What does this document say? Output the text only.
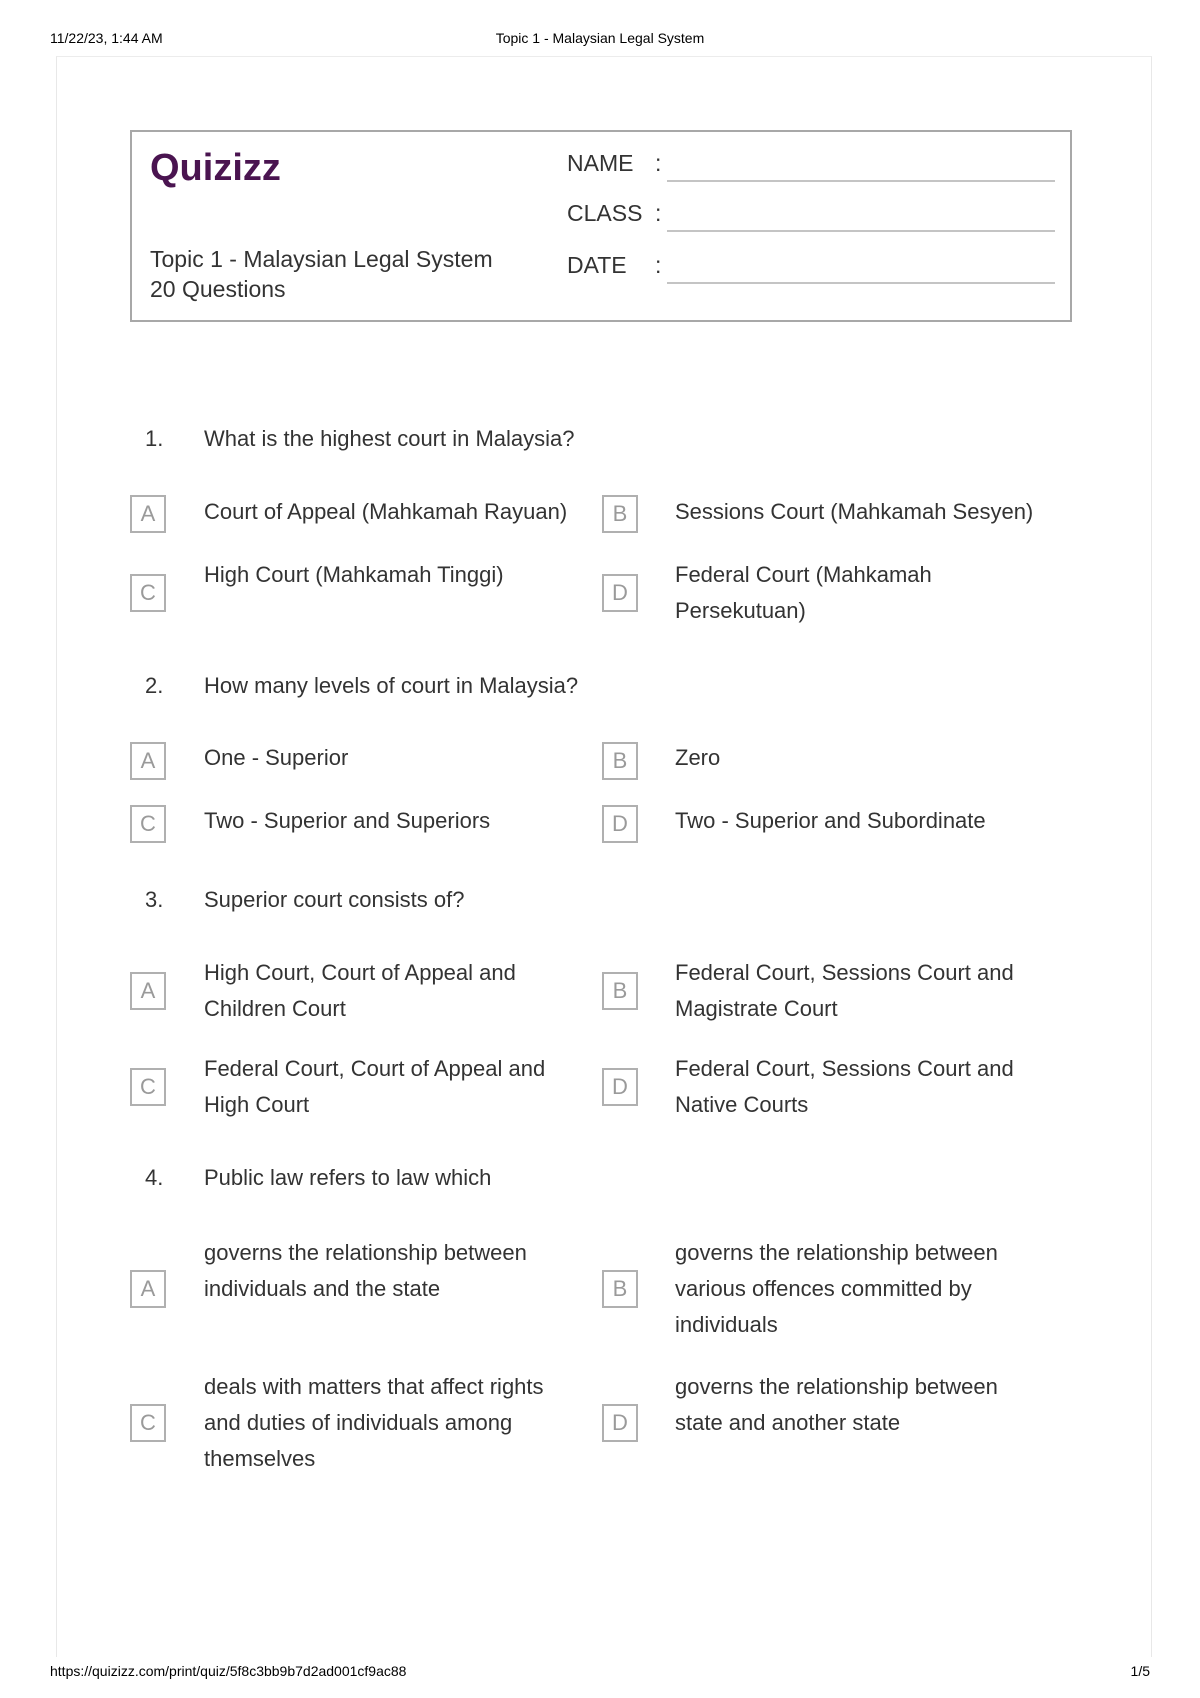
11/22/23, 1:44 AM	Topic 1 - Malaysian Legal System
Quizizz
Topic 1 - Malaysian Legal System
20 Questions
NAME :
CLASS :
DATE :
1. What is the highest court in Malaysia?
A	Court of Appeal (Mahkamah Rayuan)	B	Sessions Court (Mahkamah Sesyen)
C
High Court (Mahkamah Tinggi)
D
Federal Court (Mahkamah Persekutuan)
2. How many levels of court in Malaysia?
A	One - Superior	B	Zero
C	Two - Superior and Superiors	D	Two - Superior and Subordinate
3. Superior court consists of?
A
High Court, Court of Appeal and Children Court
B
Federal Court, Sessions Court and Magistrate Court
C
Federal Court, Court of Appeal and High Court
D
Federal Court, Sessions Court and Native Courts
4. Public law refers to law which
A
governs the relationship between individuals and the state	B
governs the relationship between various offences committed by individuals
C
deals with matters that affect rights and duties of individuals among themselves
D
governs the relationship between state and another state
https://quizizz.com/print/quiz/5f8c3bb9b7d2ad001cf9ac88	1/5
